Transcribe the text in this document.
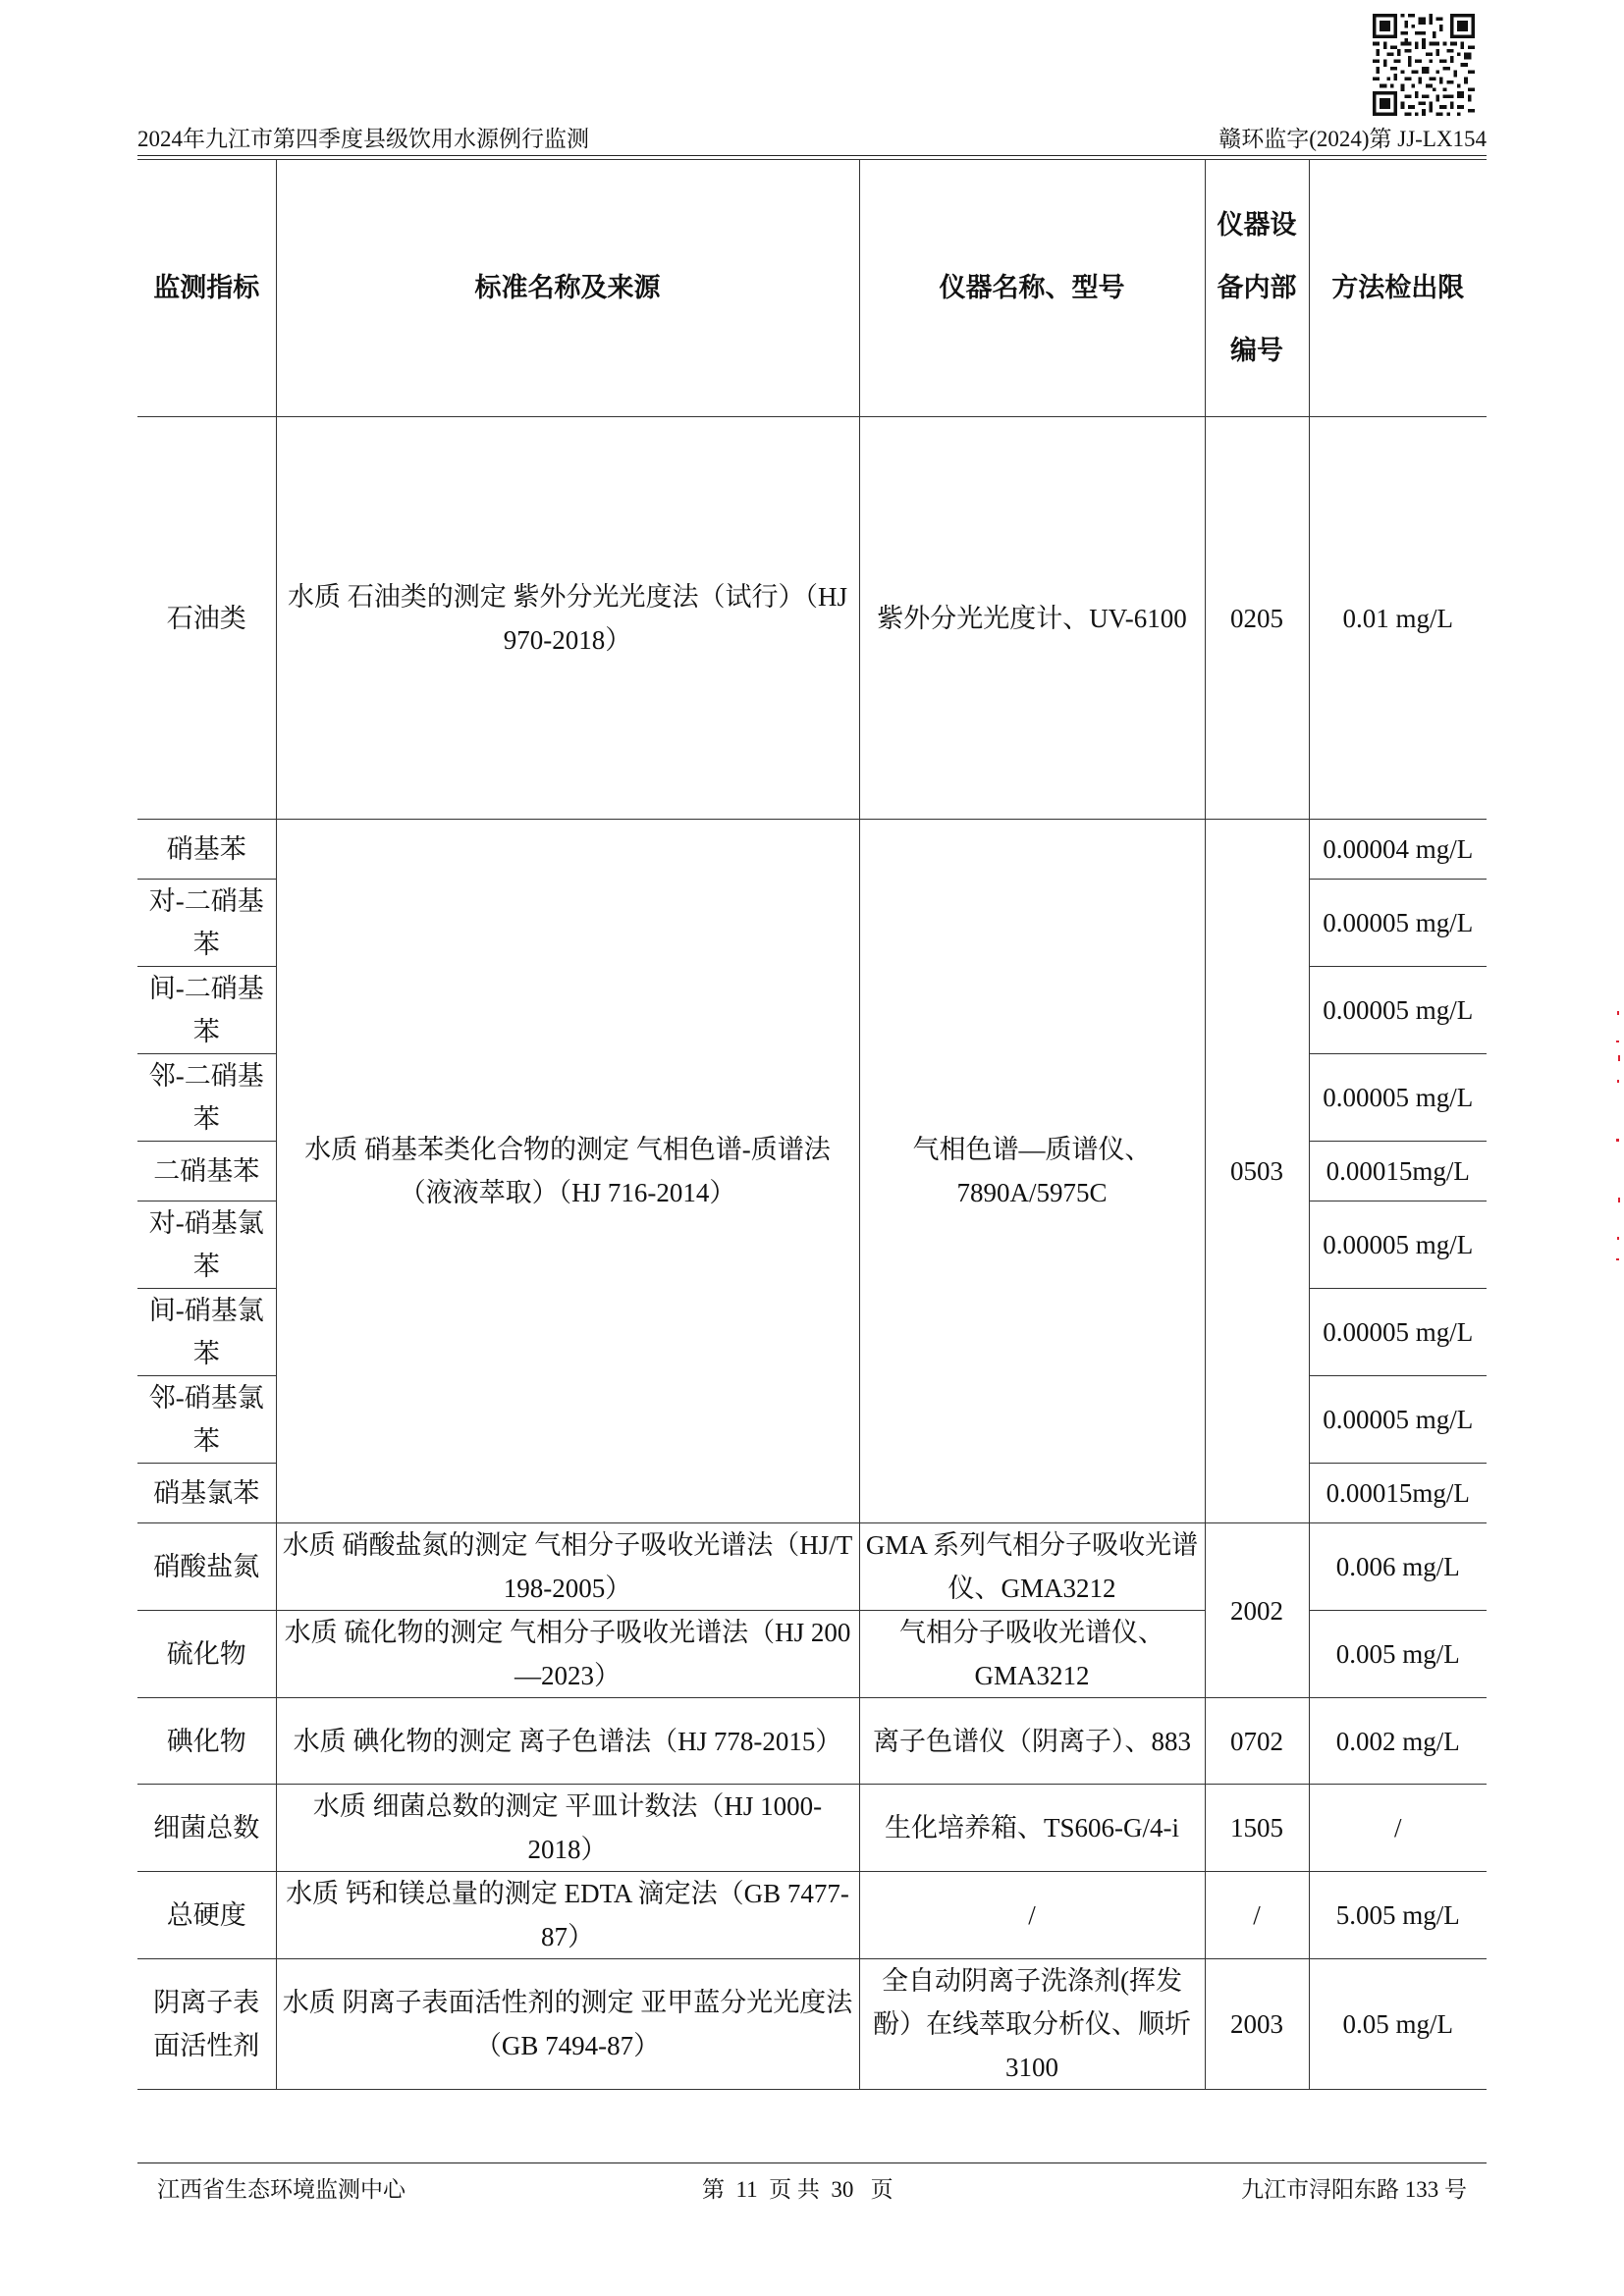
2024年九江市第四季度县级饮用水源例行监测	赣环监字(2024)第 JJ-LX154
监测指标	标准名称及来源	仪器名称、型号	仪器设备内部编号	方法检出限
石油类	水质 石油类的测定 紫外分光光度法（试行）（HJ 970-2018）	紫外分光光度计、UV-6100	0205	0.01 mg/L
硝基苯	水质 硝基苯类化合物的测定 气相色谱-质谱法（液液萃取）（HJ 716-2014）	气相色谱—质谱仪、7890A/5975C	0503	0.00004 mg/L
对-二硝基苯				0.00005 mg/L
间-二硝基苯				0.00005 mg/L
邻-二硝基苯				0.00005 mg/L
二硝基苯				0.00015mg/L
对-硝基氯苯				0.00005 mg/L
间-硝基氯苯				0.00005 mg/L
邻-硝基氯苯				0.00005 mg/L
硝基氯苯				0.00015mg/L
硝酸盐氮	水质 硝酸盐氮的测定 气相分子吸收光谱法（HJ/T 198-2005）	GMA 系列气相分子吸收光谱仪、GMA3212	2002	0.006 mg/L
硫化物	水质 硫化物的测定 气相分子吸收光谱法（HJ 200—2023）	气相分子吸收光谱仪、GMA3212		0.005 mg/L
碘化物	水质 碘化物的测定 离子色谱法（HJ 778-2015）	离子色谱仪（阴离子）、883	0702	0.002 mg/L
细菌总数	水质 细菌总数的测定 平皿计数法（HJ 1000-2018）	生化培养箱、TS606-G/4-i	1505	/
总硬度	水质 钙和镁总量的测定 EDTA 滴定法（GB 7477-87）	/	/	5.005 mg/L
阴离子表面活性剂	水质 阴离子表面活性剂的测定 亚甲蓝分光光度法（GB 7494-87）	全自动阴离子洗涤剂(挥发酚）在线萃取分析仪、顺圻 3100	2003	0.05 mg/L
江西省生态环境监测中心	第 11 页 共 30 页	九江市浔阳东路 133 号
